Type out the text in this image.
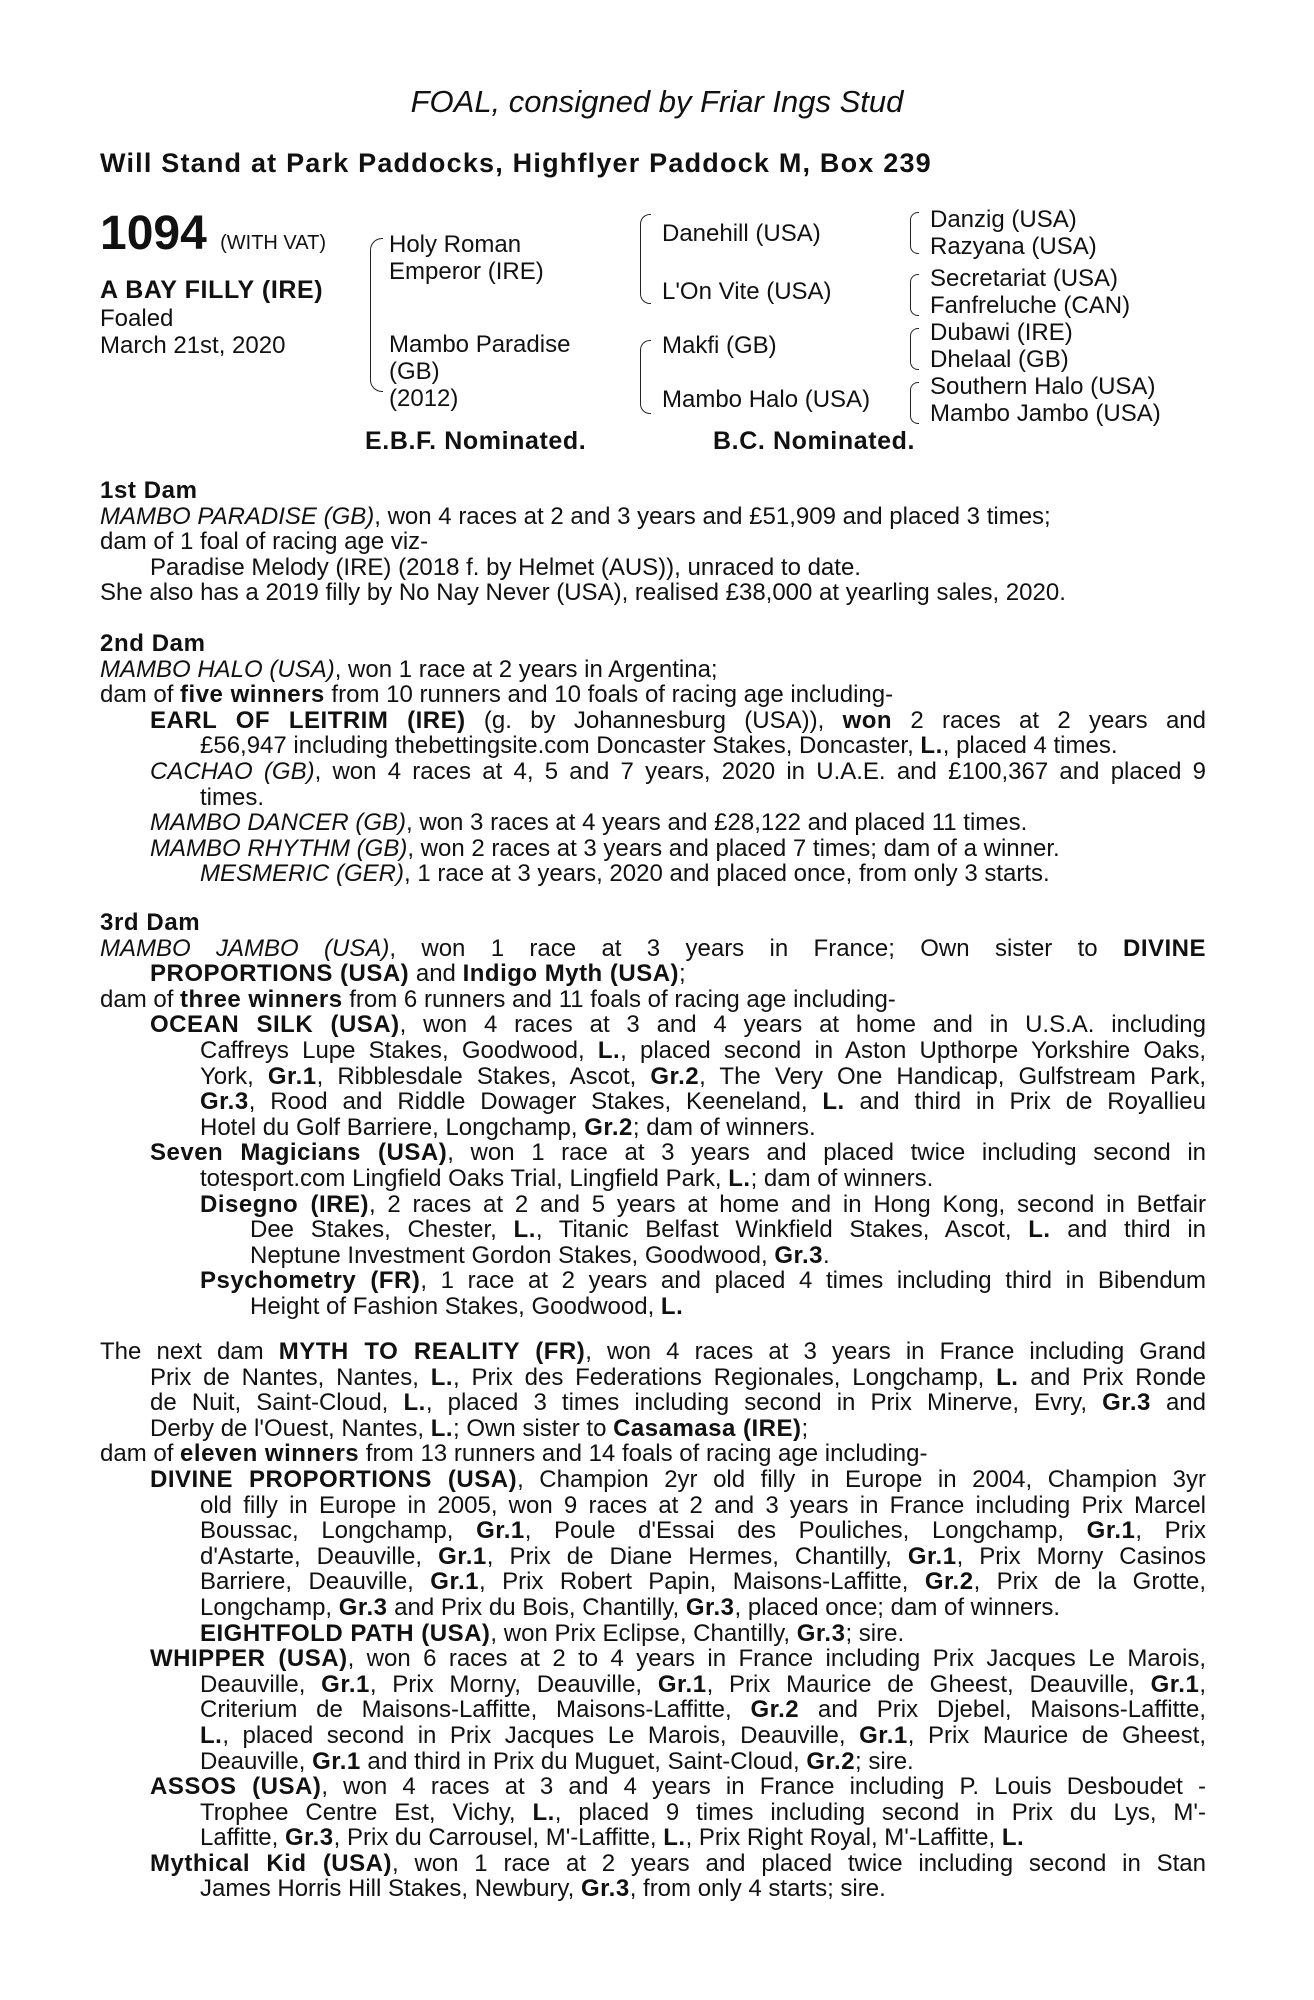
FOAL, consigned by Friar Ings Stud
Will Stand at Park Paddocks, Highflyer Paddock M, Box 239
1094 (WITH VAT)
A BAY FILLY (IRE)
Foaled
March 21st, 2020
Holy Roman
Emperor (IRE)
Mambo Paradise
(GB)
(2012)
Danehill (USA)
L'On Vite (USA)
Makfi (GB)
Mambo Halo (USA)
Danzig (USA)
Razyana (USA)
Secretariat (USA)
Fanfreluche (CAN)
Dubawi (IRE)
Dhelaal (GB)
Southern Halo (USA)
Mambo Jambo (USA)
E.B.F. Nominated.	B.C. Nominated.
1st Dam
MAMBO PARADISE (GB), won 4 races at 2 and 3 years and £51,909 and placed 3 times;
dam of 1 foal of racing age viz-
Paradise Melody (IRE) (2018 f. by Helmet (AUS)), unraced to date.
She also has a 2019 filly by No Nay Never (USA), realised £38,000 at yearling sales, 2020.
2nd Dam
MAMBO HALO (USA), won 1 race at 2 years in Argentina;
dam of five winners from 10 runners and 10 foals of racing age including-
EARL OF LEITRIM (IRE) (g. by Johannesburg (USA)), won 2 races at 2 years and
£56,947 including thebettingsite.com Doncaster Stakes, Doncaster, L., placed 4 times.
CACHAO (GB), won 4 races at 4, 5 and 7 years, 2020 in U.A.E. and £100,367 and placed 9
times.
MAMBO DANCER (GB), won 3 races at 4 years and £28,122 and placed 11 times.
MAMBO RHYTHM (GB), won 2 races at 3 years and placed 7 times; dam of a winner.
MESMERIC (GER), 1 race at 3 years, 2020 and placed once, from only 3 starts.
3rd Dam
MAMBO JAMBO (USA), won 1 race at 3 years in France; Own sister to DIVINE
PROPORTIONS (USA) and Indigo Myth (USA);
dam of three winners from 6 runners and 11 foals of racing age including-
OCEAN SILK (USA), won 4 races at 3 and 4 years at home and in U.S.A. including
Caffreys Lupe Stakes, Goodwood, L., placed second in Aston Upthorpe Yorkshire Oaks,
York, Gr.1, Ribblesdale Stakes, Ascot, Gr.2, The Very One Handicap, Gulfstream Park,
Gr.3, Rood and Riddle Dowager Stakes, Keeneland, L. and third in Prix de Royallieu
Hotel du Golf Barriere, Longchamp, Gr.2; dam of winners.
Seven Magicians (USA), won 1 race at 3 years and placed twice including second in
totesport.com Lingfield Oaks Trial, Lingfield Park, L.; dam of winners.
Disegno (IRE), 2 races at 2 and 5 years at home and in Hong Kong, second in Betfair
Dee Stakes, Chester, L., Titanic Belfast Winkfield Stakes, Ascot, L. and third in
Neptune Investment Gordon Stakes, Goodwood, Gr.3.
Psychometry (FR), 1 race at 2 years and placed 4 times including third in Bibendum
Height of Fashion Stakes, Goodwood, L.
The next dam MYTH TO REALITY (FR), won 4 races at 3 years in France including Grand
Prix de Nantes, Nantes, L., Prix des Federations Regionales, Longchamp, L. and Prix Ronde
de Nuit, Saint-Cloud, L., placed 3 times including second in Prix Minerve, Evry, Gr.3 and
Derby de l'Ouest, Nantes, L.; Own sister to Casamasa (IRE);
dam of eleven winners from 13 runners and 14 foals of racing age including-
DIVINE PROPORTIONS (USA), Champion 2yr old filly in Europe in 2004, Champion 3yr
old filly in Europe in 2005, won 9 races at 2 and 3 years in France including Prix Marcel
Boussac, Longchamp, Gr.1, Poule d'Essai des Pouliches, Longchamp, Gr.1, Prix
d'Astarte, Deauville, Gr.1, Prix de Diane Hermes, Chantilly, Gr.1, Prix Morny Casinos
Barriere, Deauville, Gr.1, Prix Robert Papin, Maisons-Laffitte, Gr.2, Prix de la Grotte,
Longchamp, Gr.3 and Prix du Bois, Chantilly, Gr.3, placed once; dam of winners.
EIGHTFOLD PATH (USA), won Prix Eclipse, Chantilly, Gr.3; sire.
WHIPPER (USA), won 6 races at 2 to 4 years in France including Prix Jacques Le Marois,
Deauville, Gr.1, Prix Morny, Deauville, Gr.1, Prix Maurice de Gheest, Deauville, Gr.1,
Criterium de Maisons-Laffitte, Maisons-Laffitte, Gr.2 and Prix Djebel, Maisons-Laffitte,
L., placed second in Prix Jacques Le Marois, Deauville, Gr.1, Prix Maurice de Gheest,
Deauville, Gr.1 and third in Prix du Muguet, Saint-Cloud, Gr.2; sire.
ASSOS (USA), won 4 races at 3 and 4 years in France including P. Louis Desboudet -
Trophee Centre Est, Vichy, L., placed 9 times including second in Prix du Lys, M'-
Laffitte, Gr.3, Prix du Carrousel, M'-Laffitte, L., Prix Right Royal, M'-Laffitte, L.
Mythical Kid (USA), won 1 race at 2 years and placed twice including second in Stan
James Horris Hill Stakes, Newbury, Gr.3, from only 4 starts; sire.
